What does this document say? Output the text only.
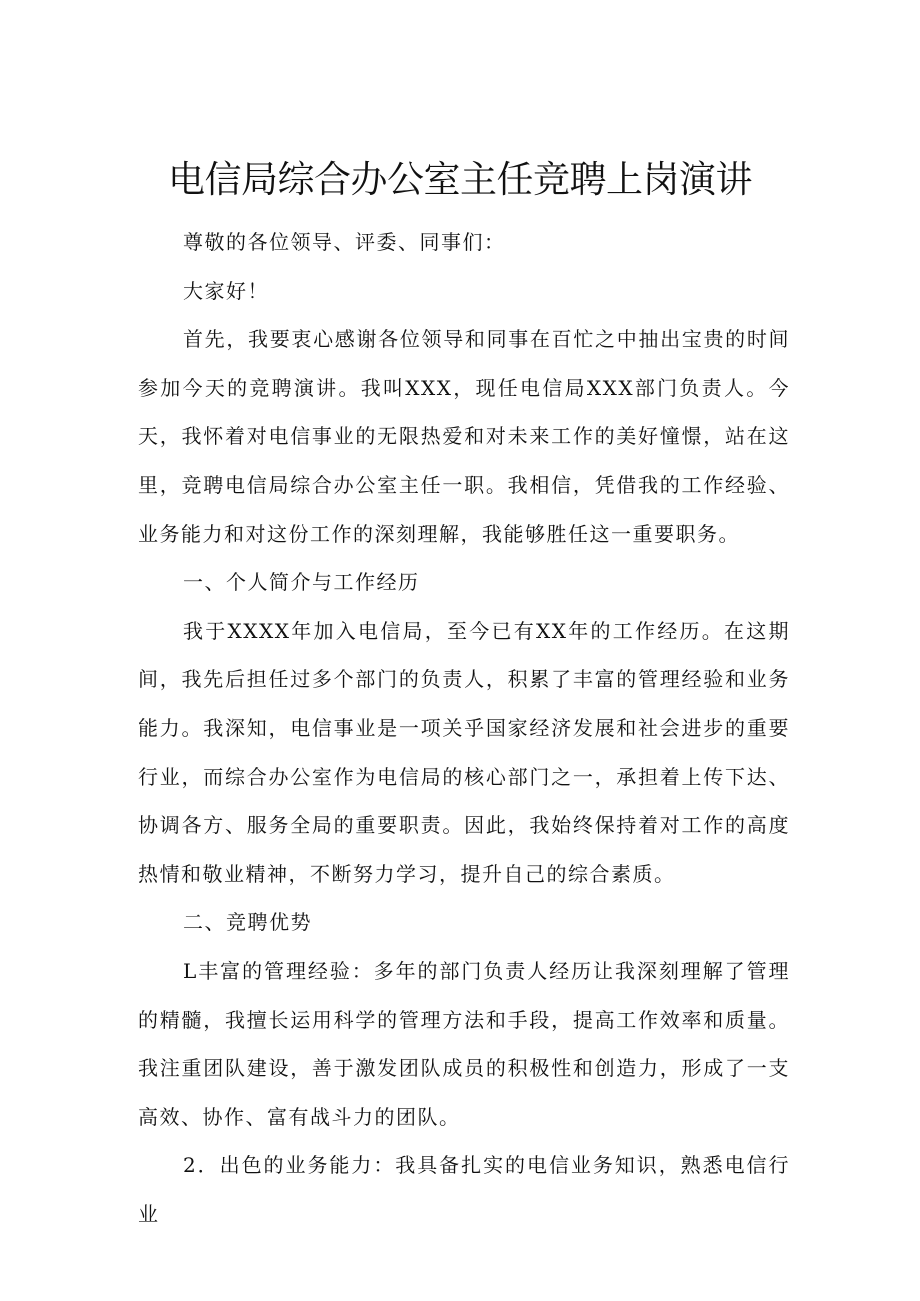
电信局综合办公室主任竞聘上岗演讲

尊敬的各位领导、评委、同事们：

大家好！

首先，我要衷心感谢各位领导和同事在百忙之中抽出宝贵的时间参加今天的竞聘演讲。我叫XXX，现任电信局XXX部门负责人。今天，我怀着对电信事业的无限热爱和对未来工作的美好憧憬，站在这里，竞聘电信局综合办公室主任一职。我相信，凭借我的工作经验、业务能力和对这份工作的深刻理解，我能够胜任这一重要职务。

一、个人简介与工作经历

我于XXXX年加入电信局，至今已有XX年的工作经历。在这期间，我先后担任过多个部门的负责人，积累了丰富的管理经验和业务能力。我深知，电信事业是一项关乎国家经济发展和社会进步的重要行业，而综合办公室作为电信局的核心部门之一，承担着上传下达、协调各方、服务全局的重要职责。因此，我始终保持着对工作的高度热情和敬业精神，不断努力学习，提升自己的综合素质。

二、竞聘优势

L丰富的管理经验：多年的部门负责人经历让我深刻理解了管理的精髓，我擅长运用科学的管理方法和手段，提高工作效率和质量。我注重团队建设，善于激发团队成员的积极性和创造力，形成了一支高效、协作、富有战斗力的团队。

2．出色的业务能力：我具备扎实的电信业务知识，熟悉电信行业
